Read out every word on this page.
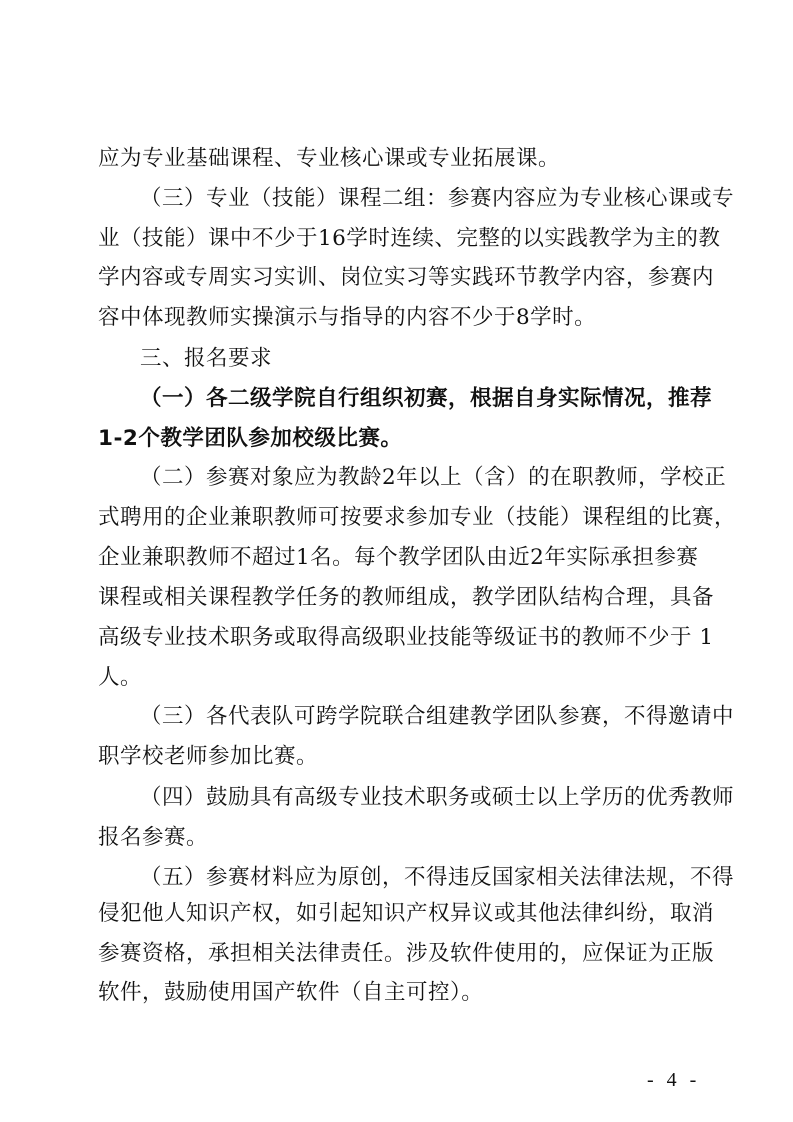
应为专业基础课程、专业核心课或专业拓展课。
（三）专业（技能）课程二组：参赛内容应为专业核心课或专
业（技能）课中不少于16学时连续、完整的以实践教学为主的教
学内容或专周实习实训、岗位实习等实践环节教学内容，参赛内
容中体现教师实操演示与指导的内容不少于8学时。
三、报名要求
（一）各二级学院自行组织初赛，根据自身实际情况，推荐
1-2个教学团队参加校级比赛。
（二）参赛对象应为教龄2年以上（含）的在职教师，学校正
式聘用的企业兼职教师可按要求参加专业（技能）课程组的比赛，
企业兼职教师不超过1名。每个教学团队由近2年实际承担参赛
课程或相关课程教学任务的教师组成，教学团队结构合理，具备
高级专业技术职务或取得高级职业技能等级证书的教师不少于 1
人。
（三）各代表队可跨学院联合组建教学团队参赛，不得邀请中
职学校老师参加比赛。
（四）鼓励具有高级专业技术职务或硕士以上学历的优秀教师
报名参赛。
（五）参赛材料应为原创，不得违反国家相关法律法规，不得
侵犯他人知识产权，如引起知识产权异议或其他法律纠纷，取消
参赛资格，承担相关法律责任。涉及软件使用的，应保证为正版
- 4 -
软件，鼓励使用国产软件（自主可控）。
